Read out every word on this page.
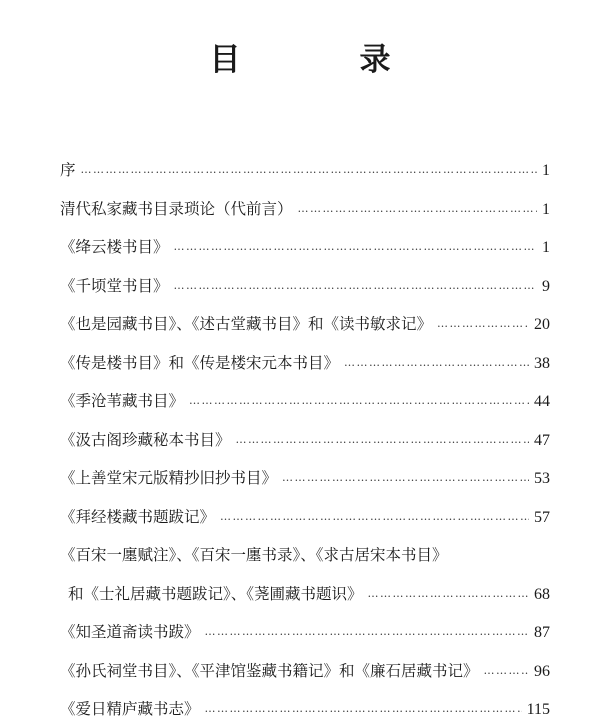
目　录
序 …………………………………………………………………………………………………………………………………………………………………………	1
清代私家藏书目录琐论（代前言） …………………………………………………………………………………………………………………………………………………………………………	1
《绛云楼书目》 …………………………………………………………………………………………………………………………………………………………………………	1
《千顷堂书目》 …………………………………………………………………………………………………………………………………………………………………………	9
《也是园藏书目》、《述古堂藏书目》和《读书敏求记》 …………………………………………………………………………………………………………………………………………………………………………	20
《传是楼书目》和《传是楼宋元本书目》 …………………………………………………………………………………………………………………………………………………………………………	38
《季沧苇藏书目》 …………………………………………………………………………………………………………………………………………………………………………	44
《汲古阁珍藏秘本书目》 …………………………………………………………………………………………………………………………………………………………………………	47
《上善堂宋元版精抄旧抄书目》 …………………………………………………………………………………………………………………………………………………………………………	53
《拜经楼藏书题跋记》 …………………………………………………………………………………………………………………………………………………………………………	57
《百宋一廛赋注》、《百宋一廛书录》、《求古居宋本书目》
和《士礼居藏书题跋记》、《荛圃藏书题识》 …………………………………………………………………………………………………………………………………………………………………………	68
《知圣道斋读书跋》 …………………………………………………………………………………………………………………………………………………………………………	87
《孙氏祠堂书目》、《平津馆鉴藏书籍记》和《廉石居藏书记》 …………………………………………………………………………………………………………………………………………………………………………	96
《爱日精庐藏书志》 …………………………………………………………………………………………………………………………………………………………………………	115
